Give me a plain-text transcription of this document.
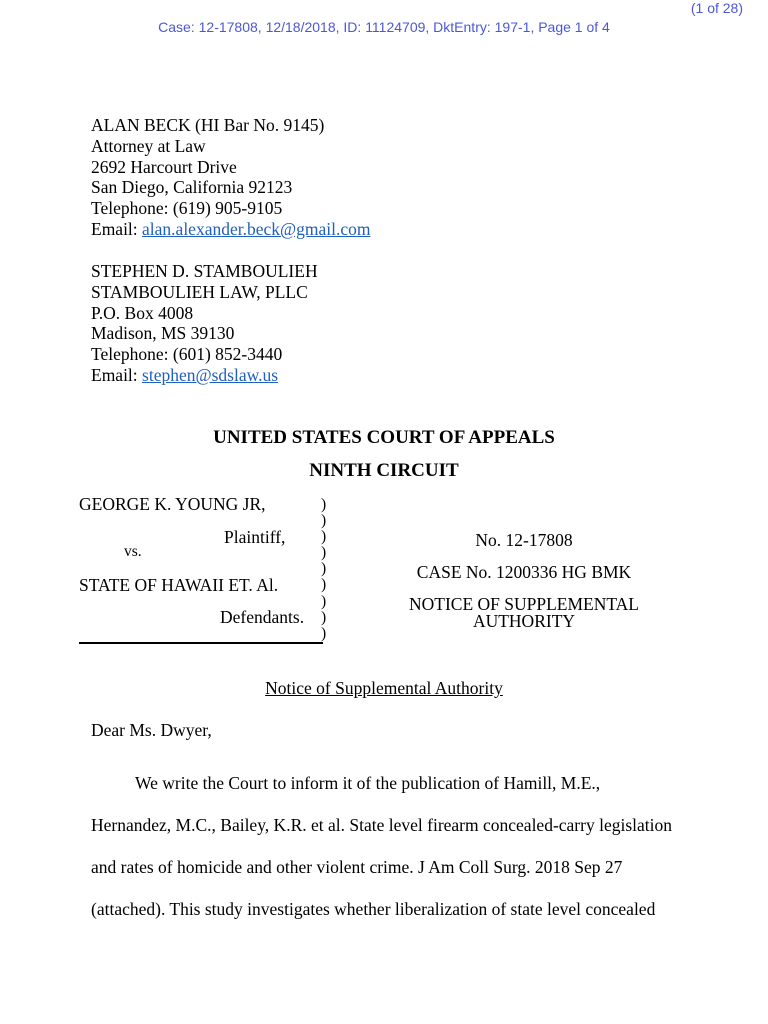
Case: 12-17808, 12/18/2018, ID: 11124709, DktEntry: 197-1, Page 1 of 4
(1 of 28)
ALAN BECK (HI Bar No. 9145)
Attorney at Law
2692 Harcourt Drive
San Diego, California 92123
Telephone: (619) 905-9105
Email: alan.alexander.beck@gmail.com
STEPHEN D. STAMBOULIEH
STAMBOULIEH LAW, PLLC
P.O. Box 4008
Madison, MS 39130
Telephone: (601) 852-3440
Email: stephen@sdslaw.us
UNITED STATES COURT OF APPEALS
NINTH CIRCUIT
GEORGE K. YOUNG JR,
Plaintiff,
vs.
STATE OF HAWAII ET. Al.
Defendants.
)
)
)
)
)
)
)
)
)
No. 12-17808
CASE No. 1200336 HG BMK
NOTICE OF SUPPLEMENTAL
AUTHORITY
Notice of Supplemental Authority
Dear Ms. Dwyer,
We write the Court to inform it of the publication of Hamill, M.E.,
Hernandez, M.C., Bailey, K.R. et al. State level firearm concealed-carry legislation
and rates of homicide and other violent crime. J Am Coll Surg. 2018 Sep 27
(attached). This study investigates whether liberalization of state level concealed
